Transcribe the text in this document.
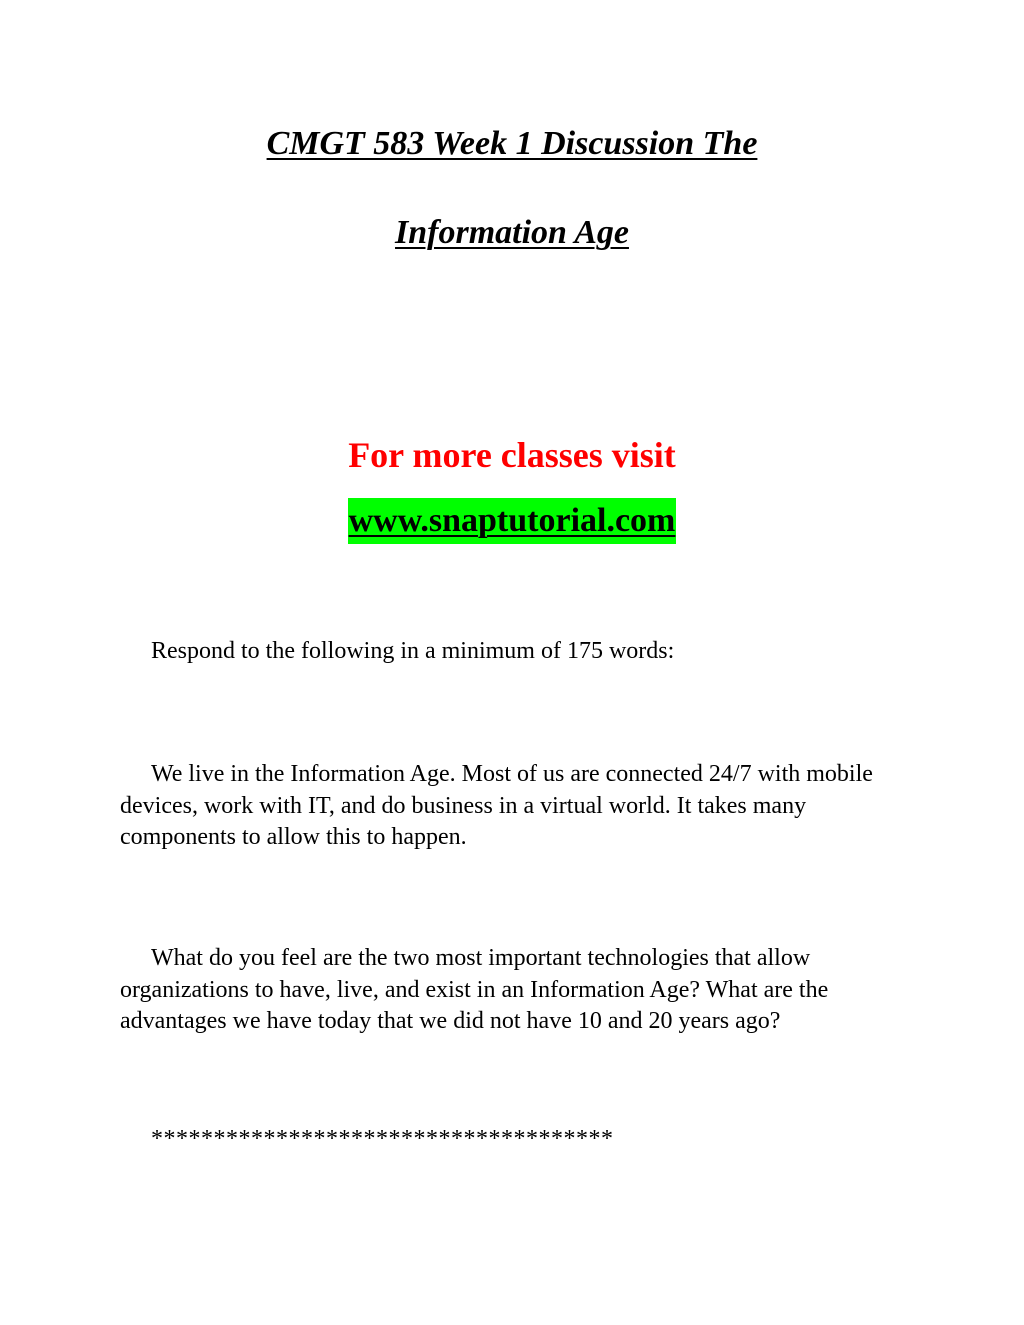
CMGT 583 Week 1 Discussion The
Information Age

For more classes visit

www.snaptutorial.com

Respond to the following in a minimum of 175 words:

We live in the Information Age. Most of us are connected 24/7 with mobile devices, work with IT, and do business in a virtual world. It takes many components to allow this to happen.

What do you feel are the two most important technologies that allow organizations to have, live, and exist in an Information Age? What are the advantages we have today that we did not have 10 and 20 years ago?

*************************************
